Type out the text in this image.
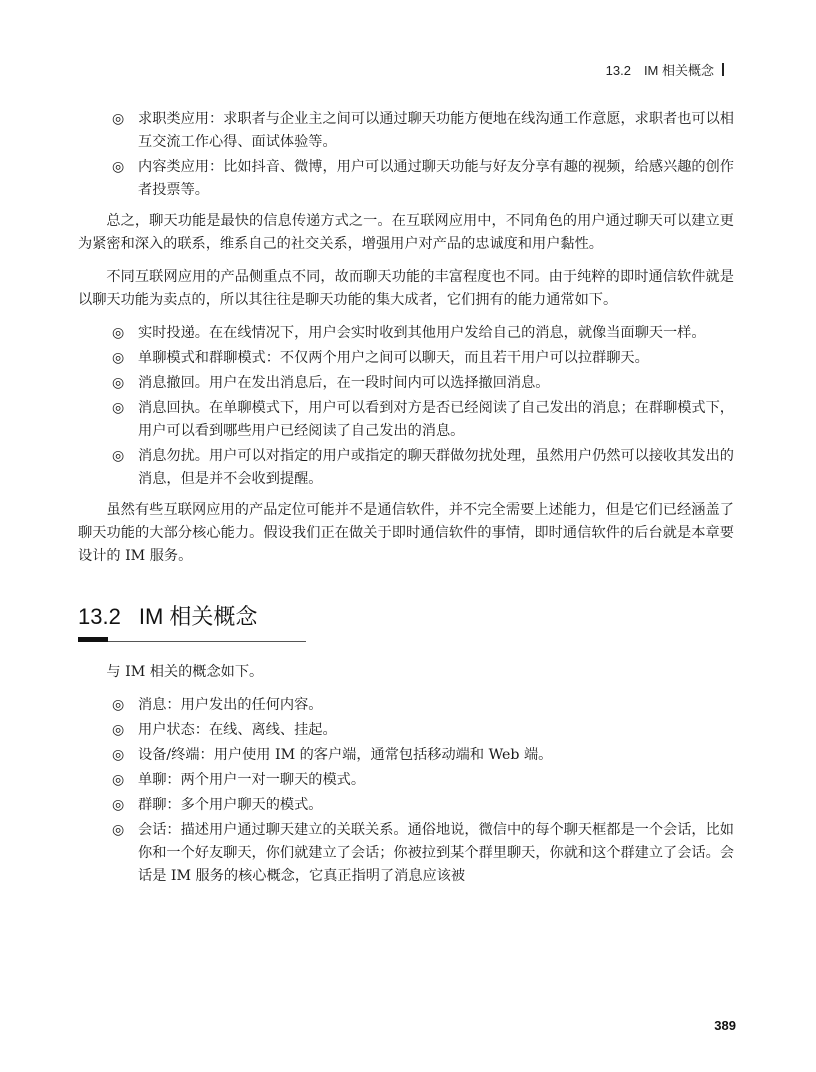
13.2　IM 相关概念
◎ 求职类应用：求职者与企业主之间可以通过聊天功能方便地在线沟通工作意愿，求职者也可以相互交流工作心得、面试体验等。
◎ 内容类应用：比如抖音、微博，用户可以通过聊天功能与好友分享有趣的视频，给感兴趣的创作者投票等。

总之，聊天功能是最快的信息传递方式之一。在互联网应用中，不同角色的用户通过聊天可以建立更为紧密和深入的联系，维系自己的社交关系，增强用户对产品的忠诚度和用户黏性。

不同互联网应用的产品侧重点不同，故而聊天功能的丰富程度也不同。由于纯粹的即时通信软件就是以聊天功能为卖点的，所以其往往是聊天功能的集大成者，它们拥有的能力通常如下。

◎ 实时投递。在在线情况下，用户会实时收到其他用户发给自己的消息，就像当面聊天一样。
◎ 单聊模式和群聊模式：不仅两个用户之间可以聊天，而且若干用户可以拉群聊天。
◎ 消息撤回。用户在发出消息后，在一段时间内可以选择撤回消息。
◎ 消息回执。在单聊模式下，用户可以看到对方是否已经阅读了自己发出的消息；在群聊模式下，用户可以看到哪些用户已经阅读了自己发出的消息。
◎ 消息勿扰。用户可以对指定的用户或指定的聊天群做勿扰处理，虽然用户仍然可以接收其发出的消息，但是并不会收到提醒。

虽然有些互联网应用的产品定位可能并不是通信软件，并不完全需要上述能力，但是它们已经涵盖了聊天功能的大部分核心能力。假设我们正在做关于即时通信软件的事情，即时通信软件的后台就是本章要设计的 IM 服务。

13.2 IM 相关概念

与 IM 相关的概念如下。

◎ 消息：用户发出的任何内容。
◎ 用户状态：在线、离线、挂起。
◎ 设备/终端：用户使用 IM 的客户端，通常包括移动端和 Web 端。
◎ 单聊：两个用户一对一聊天的模式。
◎ 群聊：多个用户聊天的模式。
◎ 会话：描述用户通过聊天建立的关联关系。通俗地说，微信中的每个聊天框都是一个会话，比如你和一个好友聊天，你们就建立了会话；你被拉到某个群里聊天，你就和这个群建立了会话。会话是 IM 服务的核心概念，它真正指明了消息应该被
389
